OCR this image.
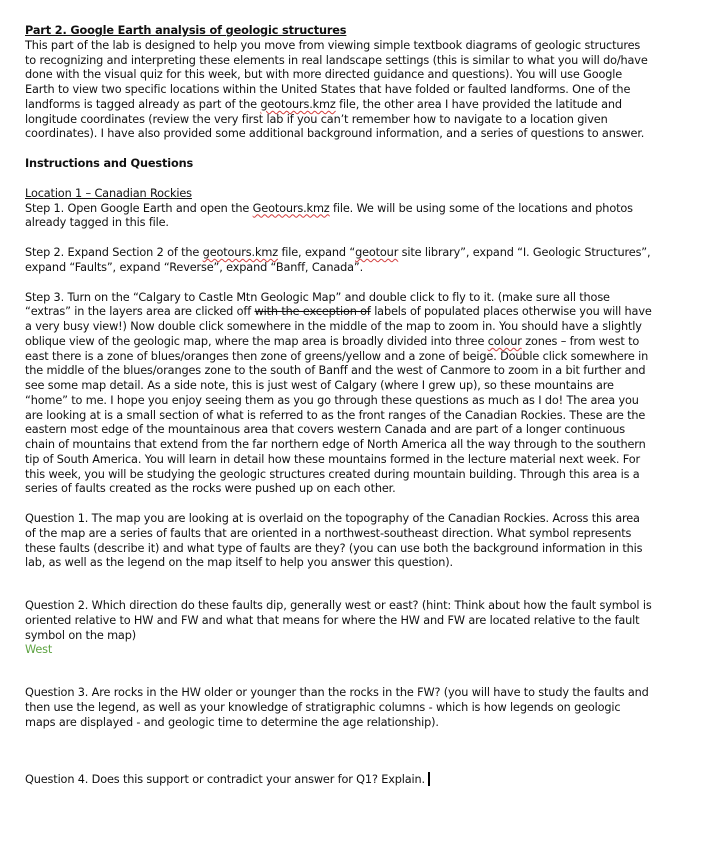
Part 2. Google Earth analysis of geologic structures

This part of the lab is designed to help you move from viewing simple textbook diagrams of geologic structures to recognizing and interpreting these elements in real landscape settings (this is similar to what you will do/have done with the visual quiz for this week, but with more directed guidance and questions). You will use Google Earth to view two specific locations within the United States that have folded or faulted landforms. One of the landforms is tagged already as part of the geotours.kmz file, the other area I have provided the latitude and longitude coordinates (review the very first lab if you can’t remember how to navigate to a location given coordinates). I have also provided some additional background information, and a series of questions to answer.

Instructions and Questions

Location 1 – Canadian Rockies

Step 1. Open Google Earth and open the Geotours.kmz file. We will be using some of the locations and photos already tagged in this file.

Step 2. Expand Section 2 of the geotours.kmz file, expand “geotour site library”, expand “I. Geologic Structures”, expand “Faults”, expand “Reverse”, expand “Banff, Canada”.

Step 3. Turn on the “Calgary to Castle Mtn Geologic Map” and double click to fly to it. (make sure all those “extras” in the layers area are clicked off with the exception of labels of populated places otherwise you will have a very busy view!) Now double click somewhere in the middle of the map to zoom in. You should have a slightly oblique view of the geologic map, where the map area is broadly divided into three colour zones – from west to east there is a zone of blues/oranges then zone of greens/yellow and a zone of beige. Double click somewhere in the middle of the blues/oranges zone to the south of Banff and the west of Canmore to zoom in a bit further and see some map detail. As a side note, this is just west of Calgary (where I grew up), so these mountains are “home” to me. I hope you enjoy seeing them as you go through these questions as much as I do! The area you are looking at is a small section of what is referred to as the front ranges of the Canadian Rockies. These are the eastern most edge of the mountainous area that covers western Canada and are part of a longer continuous chain of mountains that extend from the far northern edge of North America all the way through to the southern tip of South America. You will learn in detail how these mountains formed in the lecture material next week. For this week, you will be studying the geologic structures created during mountain building. Through this area is a series of faults created as the rocks were pushed up on each other.

Question 1. The map you are looking at is overlaid on the topography of the Canadian Rockies. Across this area of the map are a series of faults that are oriented in a northwest-southeast direction. What symbol represents these faults (describe it) and what type of faults are they? (you can use both the background information in this lab, as well as the legend on the map itself to help you answer this question).

Question 2. Which direction do these faults dip, generally west or east? (hint: Think about how the fault symbol is oriented relative to HW and FW and what that means for where the HW and FW are located relative to the fault symbol on the map)

West

Question 3. Are rocks in the HW older or younger than the rocks in the FW? (you will have to study the faults and then use the legend, as well as your knowledge of stratigraphic columns - which is how legends on geologic maps are displayed - and geologic time to determine the age relationship).

Question 4. Does this support or contradict your answer for Q1? Explain.
